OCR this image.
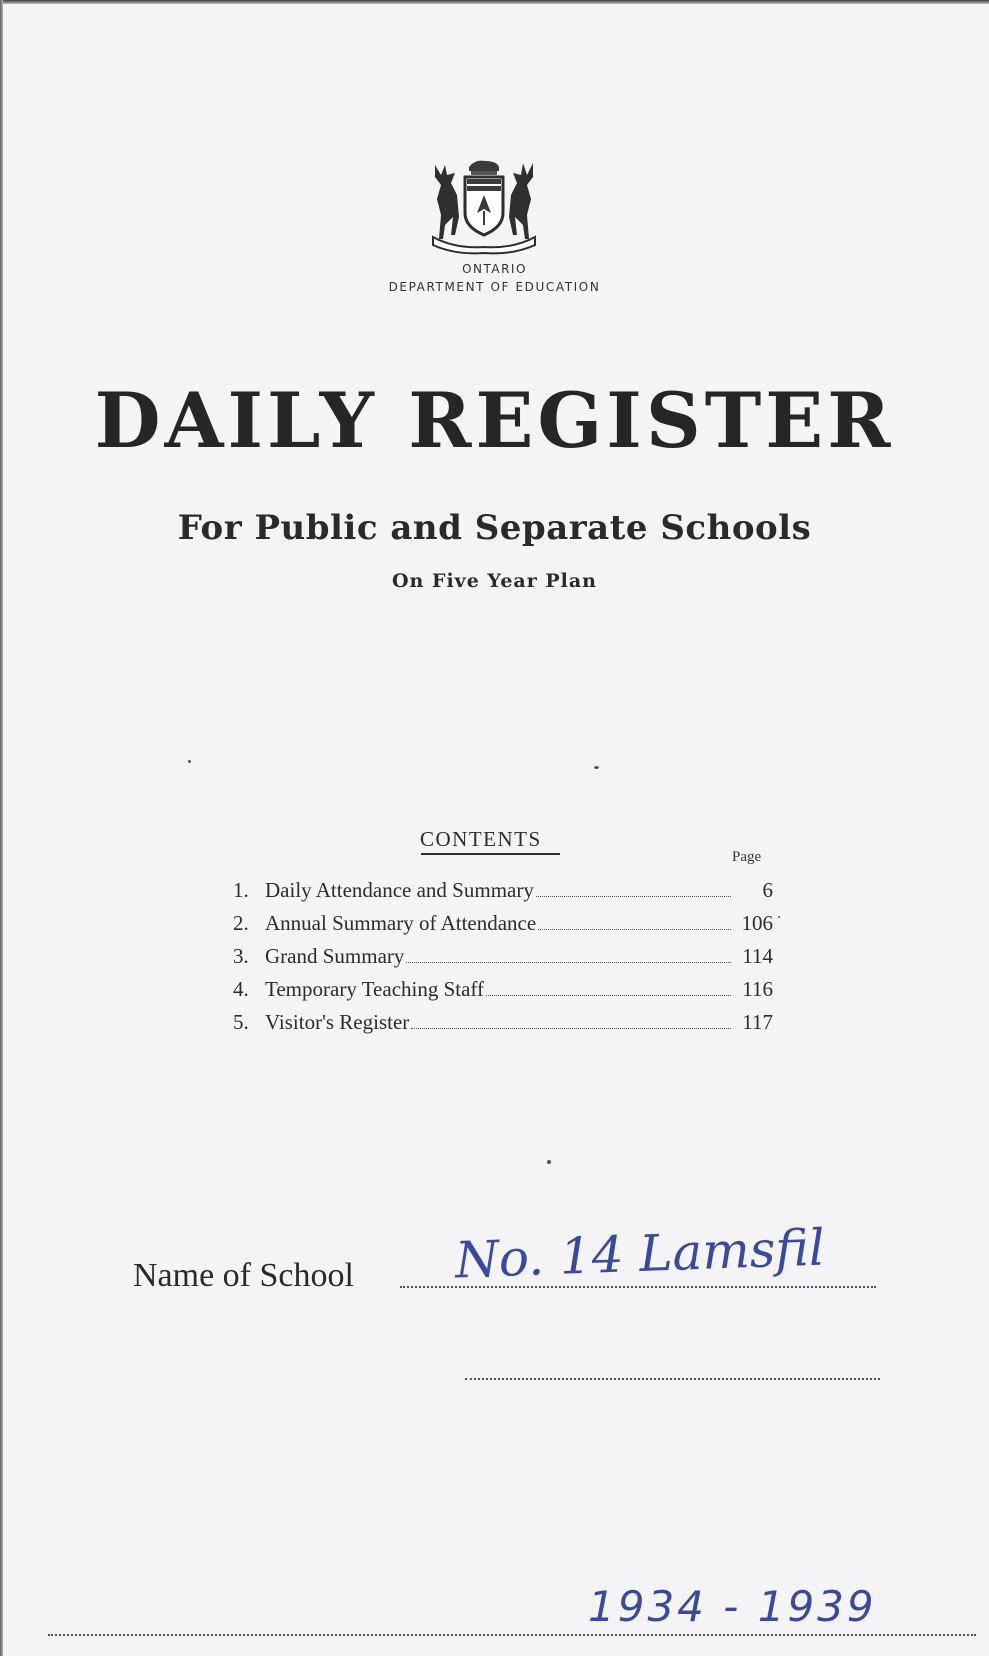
ONTARIO
DEPARTMENT OF EDUCATION
DAILY REGISTER
For Public and Separate Schools
On Five Year Plan
CONTENTS
Page
1. Daily Attendance and Summary	6
2. Annual Summary of Attendance	106
3. Grand Summary	114
4. Temporary Teaching Staff	116
5. Visitor's Register	117
Name of School No. 14 Lamsfil
1934 - 1939
